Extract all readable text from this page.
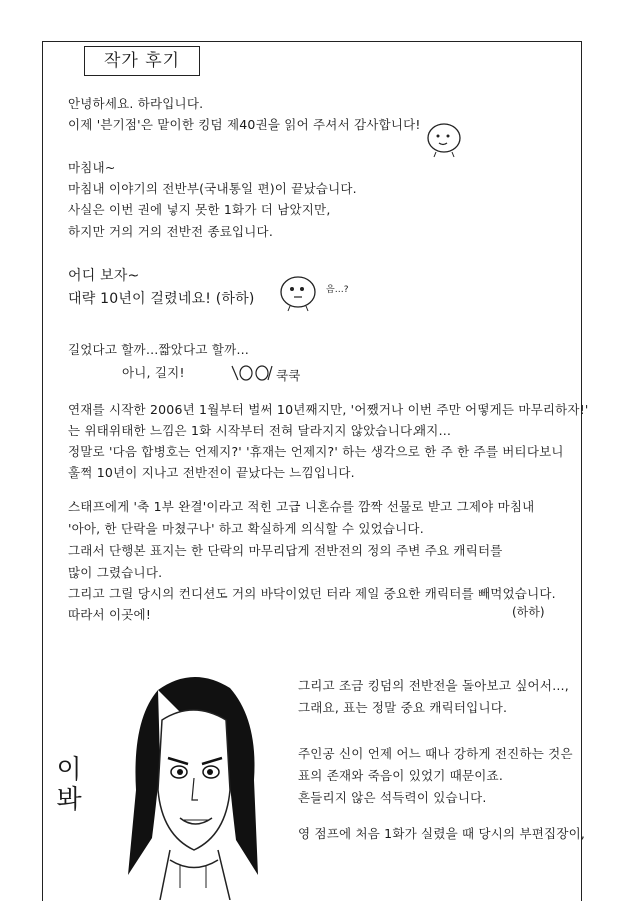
작가 후기
안녕하세요. 하라입니다.
이제 '븐기점'은 맡이한 킹덤 제40권을 읽어 주셔서 감사합니다!
마침내~
마침내 이야기의 전반부(국내통일 편)이 끝났습니다.
사실은 이번 권에 넣지 못한 1화가 더 남았지만,
하지만 거의 거의 전반전 종료입니다.
어디 보자~
대략 10년이 걸렸네요! (하하)
음…?
길었다고 할까…짧았다고 할까…
아니, 길지!	쿡쿡
연재를 시작한 2006년 1월부터 벌써 10년째지만, '어쨌거나 이번 주만 어떻게든 마무리하자!'
는 위태위태한 느낌은 1화 시작부터 전혀 달라지지 않았습니다.
왜지…
정말로 '다음 합병호는 언제지?' '휴재는 언제지?' 하는 생각으로 한 주 한 주를 버티다보니
훌쩍 10년이 지나고 전반전이 끝났다는 느낌입니다.
스태프에게 '축 1부 완결'이라고 적힌 고급 니혼슈를 깜짝 선물로 받고 그제야 마침내
'아아, 한 단락을 마쳤구나' 하고 확실하게 의식할 수 있었습니다.
그래서 단행본 표지는 한 단락의 마무리답게 전반전의 정의 주변 주요 캐릭터를
많이 그렸습니다.
그리고 그릴 당시의 컨디션도 거의 바닥이었던 터라 제일 중요한 캐릭터를 빼먹었습니다.
따라서 이곳에!	(하하)
이
봐
그리고 조금 킹덤의 전반전을 돌아보고 싶어서…,
그래요, 표는 정말 중요 캐릭터입니다.
주인공 신이 언제 어느 때나 강하게 전진하는 것은
표의 존재와 죽음이 있었기 때문이죠.
흔들리지 않은 석득력이 있습니다.
영 점프에 처음 1화가 실렸을 때 당시의 부편집장이,
